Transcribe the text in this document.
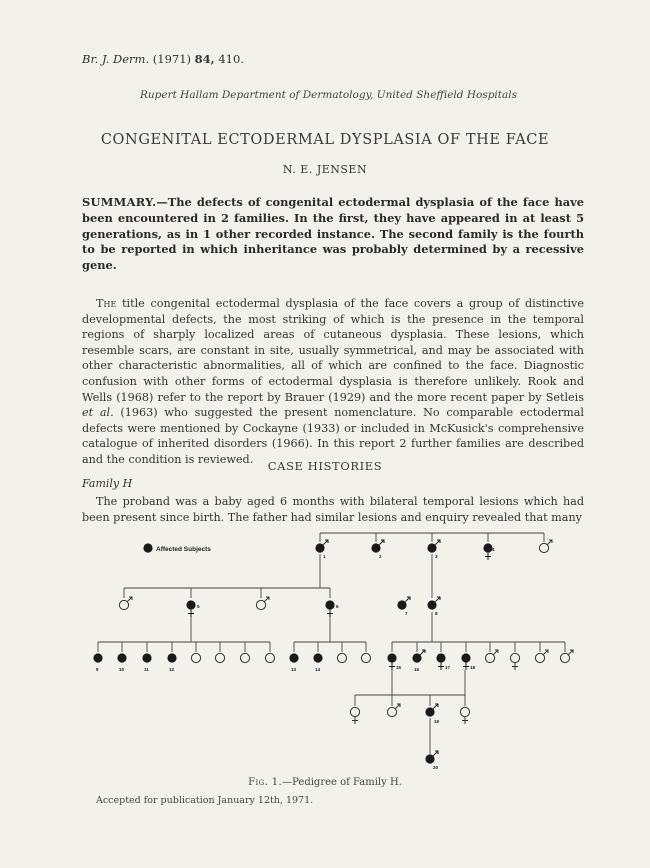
Br. J. Derm. (1971) 84, 410.
Rupert Hallam Department of Dermatology, United Sheffield Hospitals
CONGENITAL ECTODERMAL DYSPLASIA OF THE FACE
N. E. JENSEN
SUMMARY.—The defects of congenital ectodermal dysplasia of the face have been encountered in 2 families. In the first, they have appeared in at least 5 generations, as in 1 other recorded instance. The second family is the fourth to be reported in which inheritance was probably determined by a recessive gene.
The title congenital ectodermal dysplasia of the face covers a group of distinctive developmental defects, the most striking of which is the presence in the temporal regions of sharply localized areas of cutaneous dysplasia. These lesions, which resemble scars, are constant in site, usually symmetrical, and may be associated with other characteristic abnormalities, all of which are confined to the face. Diagnostic confusion with other forms of ectodermal dysplasia is therefore unlikely. Rook and Wells (1968) refer to the report by Brauer (1929) and the more recent paper by Setleis et al. (1963) who suggested the present nomenclature. No comparable ectodermal defects were mentioned by Cockayne (1933) or included in McKusick's comprehensive catalogue of inherited disorders (1966). In this report 2 further families are described and the condition is reviewed.	CASE HISTORIES
Family H
The proband was a baby aged 6 months with bilateral temporal lesions which had been present since birth. The father had similar lesions and enquiry revealed that many
Affected Subjects
1	2	3
4
5	6
7	8
9	10	11	12	13	14	15	16	17	18
19
20
Fig. 1.—Pedigree of Family H.
Accepted for publication January 12th, 1971.
